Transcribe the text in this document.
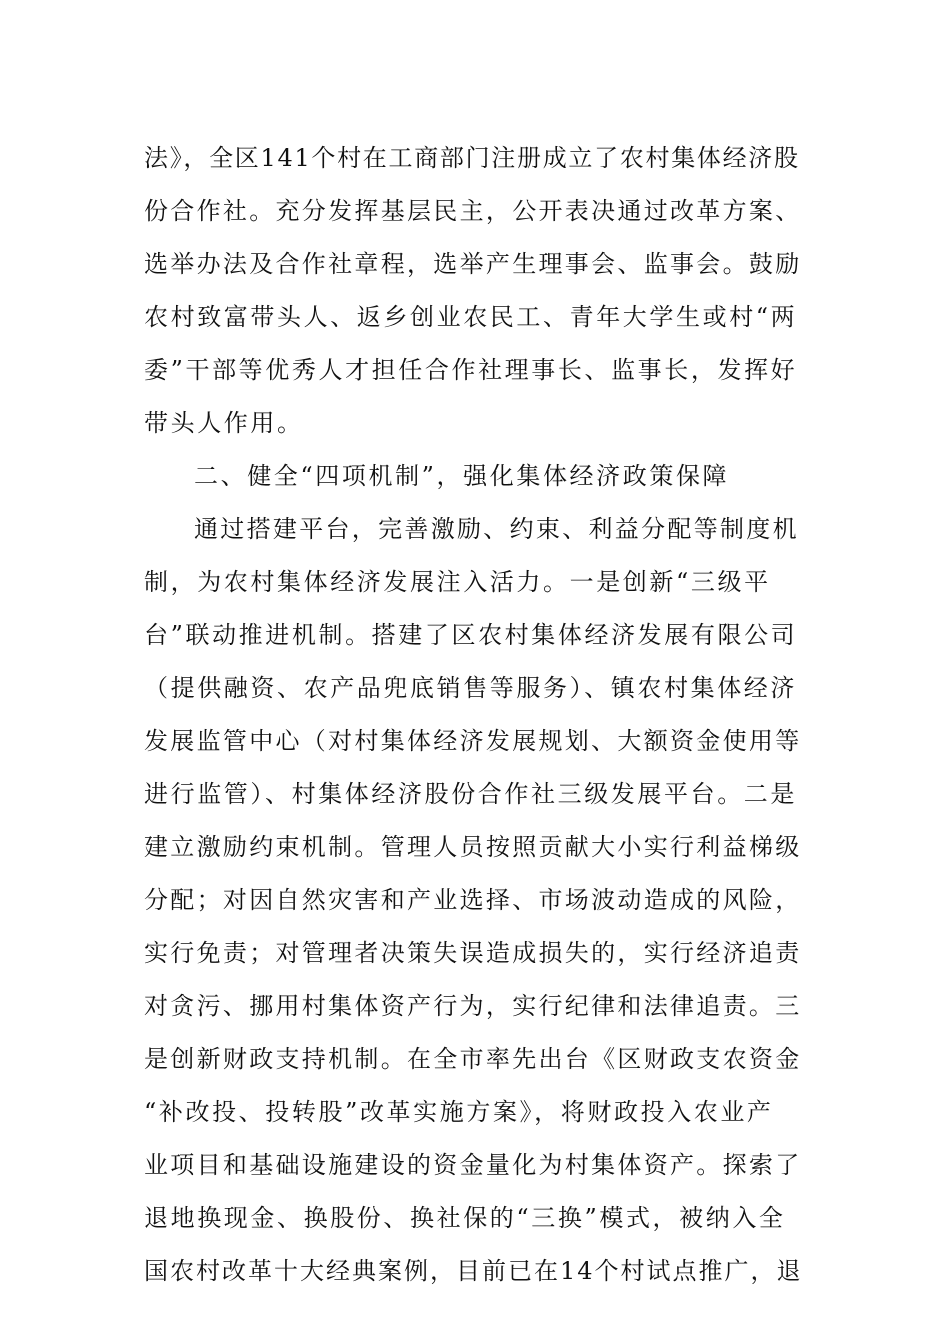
法》，全区141个村在工商部门注册成立了农村集体经济股
份合作社。充分发挥基层民主，公开表决通过改革方案、
选举办法及合作社章程，选举产生理事会、监事会。鼓励
农村致富带头人、返乡创业农民工、青年大学生或村“两
委”干部等优秀人才担任合作社理事长、监事长，发挥好
带头人作用。
二、健全“四项机制”，强化集体经济政策保障
通过搭建平台，完善激励、约束、利益分配等制度机
制，为农村集体经济发展注入活力。一是创新“三级平
台”联动推进机制。搭建了区农村集体经济发展有限公司
（提供融资、农产品兜底销售等服务）、镇农村集体经济
发展监管中心（对村集体经济发展规划、大额资金使用等
进行监管）、村集体经济股份合作社三级发展平台。二是
建立激励约束机制。管理人员按照贡献大小实行利益梯级
分配；对因自然灾害和产业选择、市场波动造成的风险，
实行免责；对管理者决策失误造成损失的，实行经济追责
对贪污、挪用村集体资产行为，实行纪律和法律追责。三
是创新财政支持机制。在全市率先出台《区财政支农资金
“补改投、投转股”改革实施方案》，将财政投入农业产
业项目和基础设施建设的资金量化为村集体资产。探索了
退地换现金、换股份、换社保的“三换”模式，被纳入全
国农村改革十大经典案例，目前已在14个村试点推广，退
